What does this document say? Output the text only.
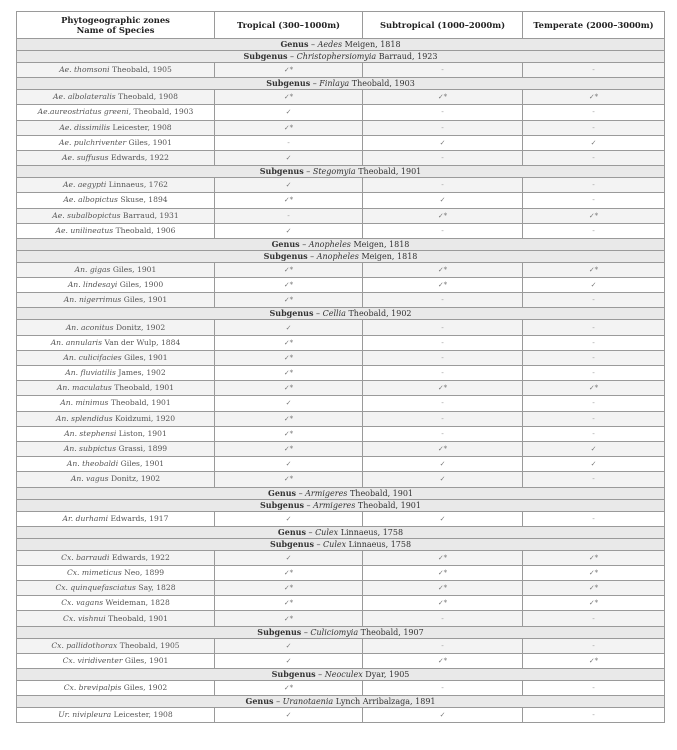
Phytogeographic zones
Name of Species	Tropical (300–1000m)	Subtropical (1000–2000m)	Temperate (2000–3000m)
Genus – Aedes Meigen, 1818			
Subgenus – Christophersiomyia Barraud, 1923			
Ae. thomsoni Theobald, 1905	✓*	-	-
Subgenus – Finlaya Theobald, 1903			
Ae. albolateralis Theobald, 1908	✓*	✓*	✓*
Ae.aureostriatus greeni, Theobald, 1903	✓	-	-
Ae. dissimilis Leicester, 1908	✓*	-	-
Ae. pulchriventer Giles, 1901	-	✓	✓
Ae. suffusus Edwards, 1922	✓	-	-
Subgenus – Stegomyia Theobald, 1901			
Ae. aegypti Linnaeus, 1762	✓	-	-
Ae. albopictus Skuse, 1894	✓*	✓	-
Ae. subalbopictus Barraud, 1931	-	✓*	✓*
Ae. unilineatus Theobald, 1906	✓	-	-
Genus – Anopheles Meigen, 1818			
Subgenus – Anopheles Meigen, 1818			
An. gigas Giles, 1901	✓*	✓*	✓*
An. lindesayi Giles, 1900	✓*	✓*	✓
An. nigerrimus Giles, 1901	✓*	-	-
Subgenus – Cellia Theobald, 1902			
An. aconitus Donitz, 1902	✓	-	-
An. annularis Van der Wulp, 1884	✓*	-	-
An. culicifacies Giles, 1901	✓*	-	-
An. fluviatilis James, 1902	✓*	-	-
An. maculatus Theobald, 1901	✓*	✓*	✓*
An. minimus Theobald, 1901	✓	-	-
An. splendidus Koidzumi, 1920	✓*	-	-
An. stephensi Liston, 1901	✓*	-	-
An. subpictus Grassi, 1899	✓*	✓*	✓
An. theobaldi Giles, 1901	✓	✓	✓
An. vagus Donitz, 1902	✓*	✓	-
Genus – Armigeres Theobald, 1901			
Subgenus – Armigeres Theobald, 1901			
Ar. durhami Edwards, 1917	✓	✓	-
Genus – Culex Linnaeus, 1758			
Subgenus – Culex Linnaeus, 1758			
Cx. barraudi Edwards, 1922	✓	✓*	✓*
Cx. mimeticus Neo, 1899	✓*	✓*	✓*
Cx. quinquefasciatus Say, 1828	✓*	✓*	✓*
Cx. vagans Weideman, 1828	✓*	✓*	✓*
Cx. vishnui Theobald, 1901	✓*	-	-
Subgenus – Culiciomyia Theobald, 1907			
Cx. pallidothorax Theobald, 1905	✓	-	-
Cx. viridiventer Giles, 1901	✓	✓*	✓*
Subgenus – Neoculex Dyar, 1905			
Cx. brevipalpis Giles, 1902	✓*	-	-
Genus – Uranotaenia Lynch Arribalzaga, 1891			
Ur. nivipleura Leicester, 1908	✓	✓	-
